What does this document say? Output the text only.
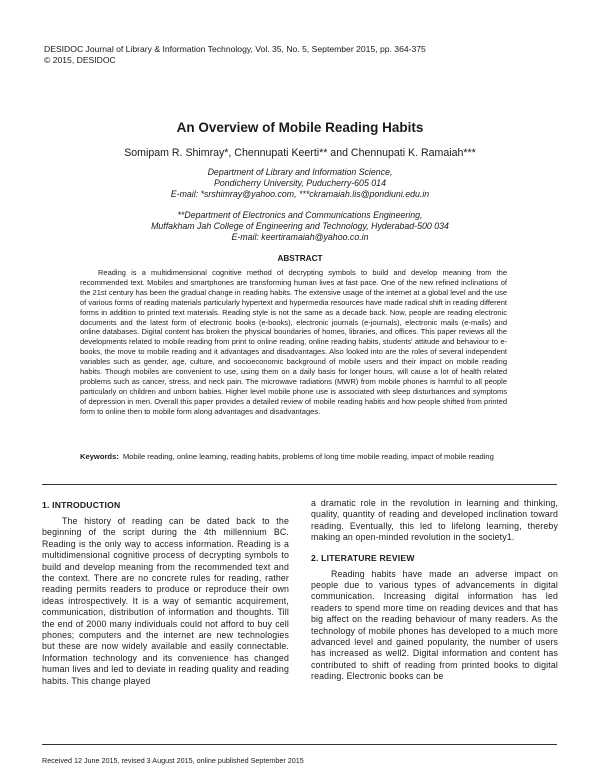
DESIDOC Journal of Library & Information Technology, Vol. 35, No. 5, September 2015, pp. 364-375
© 2015, DESIDOC
An Overview of Mobile Reading Habits
Somipam R. Shimray*, Chennupati Keerti** and Chennupati K. Ramaiah***
Department of Library and Information Science,
Pondicherry University, Puducherry-605 014
E-mail: *srshimray@yahoo.com, ***ckramaiah.lis@pondiuni.edu.in
**Department of Electronics and Communications Engineering,
Muffakham Jah College of Engineering and Technology, Hyderabad-500 034
E-mail: keertiramaiah@yahoo.co.in
ABSTRACT

Reading is a multidimensional cognitive method of decrypting symbols to build and develop meaning from the recommended text. Mobiles and smartphones are transforming human lives at fast pace. One of the new refined inclinations of the 21st century has been the gradual change in reading habits. The extensive usage of the internet at a global level and the use of various forms of reading materials particularly hypertext and hypermedia resources have made radical shift in reading different forms in addition to printed text materials. Reading style is not the same as a decade back. Now, people are reading electronic documents and the latest form of electronic books (e-books), electronic journals (e-journals), electronic mails (e-mails) and online databases. Digital content has broken the physical boundaries of homes, libraries, and offices. This paper reviews all the developments related to mobile reading from print to online reading, online reading habits, students' attitude and behaviour to e-books, the move to mobile reading and it advantages and disadvantages. Also looked into are the roles of several independent variables such as gender, age, culture, and socioeconomic background of mobile users and their impact on mobile reading habits. Though mobiles are convenient to use, using them on a daily basis for longer hours, will cause a lot of health related problems such as cancer, stress, and neck pain. The microwave radiations (MWR) from mobile phones is harmful to all people particularly on children and unborn babies. Higher level mobile phone use is associated with sleep disturbances and symptoms of depression in men. Overall this paper provides a detailed review of mobile reading habits and how people shifted from printed form to online then to mobile form along advantages and disadvantages.

Keywords: Mobile reading, online learning, reading habits, problems of long time mobile reading, impact of mobile reading
1. INTRODUCTION

The history of reading can be dated back to the beginning of the script during the 4th millennium BC. Reading is the only way to access information. Reading is a multidimensional cognitive process of decrypting symbols to build and develop meaning from the recommended text and the context. There are no concrete rules for reading, rather reading permits readers to produce or reproduce their own ideas introspectively. It is a way of semantic acquirement, communication, distribution of information and thoughts. Till the end of 2000 many individuals could not afford to buy cell phones; computers and the internet are new technologies but these are now widely available and easily connectable. Information technology and its convenience has changed human lives and led to deviate in reading quality and reading habits. This change played

a dramatic role in the revolution in learning and thinking, quality, quantity of reading and developed inclination toward reading. Eventually, this led to lifelong learning, thereby making an open-minded revolution in the society1.

2. LITERATURE REVIEW

Reading habits have made an adverse impact on people due to various types of advancements in digital communication. Increasing digital information has led readers to spend more time on reading devices and that has big affect on the reading behaviour of many readers. As the technology of mobile phones has developed to a much more advanced level and gained popularity, the number of users has increased as well2. Digital information and content has contributed to shift of reading from printed books to digital reading. Electronic books can be

Received 12 June 2015, revised 3 August 2015, online published September 2015
